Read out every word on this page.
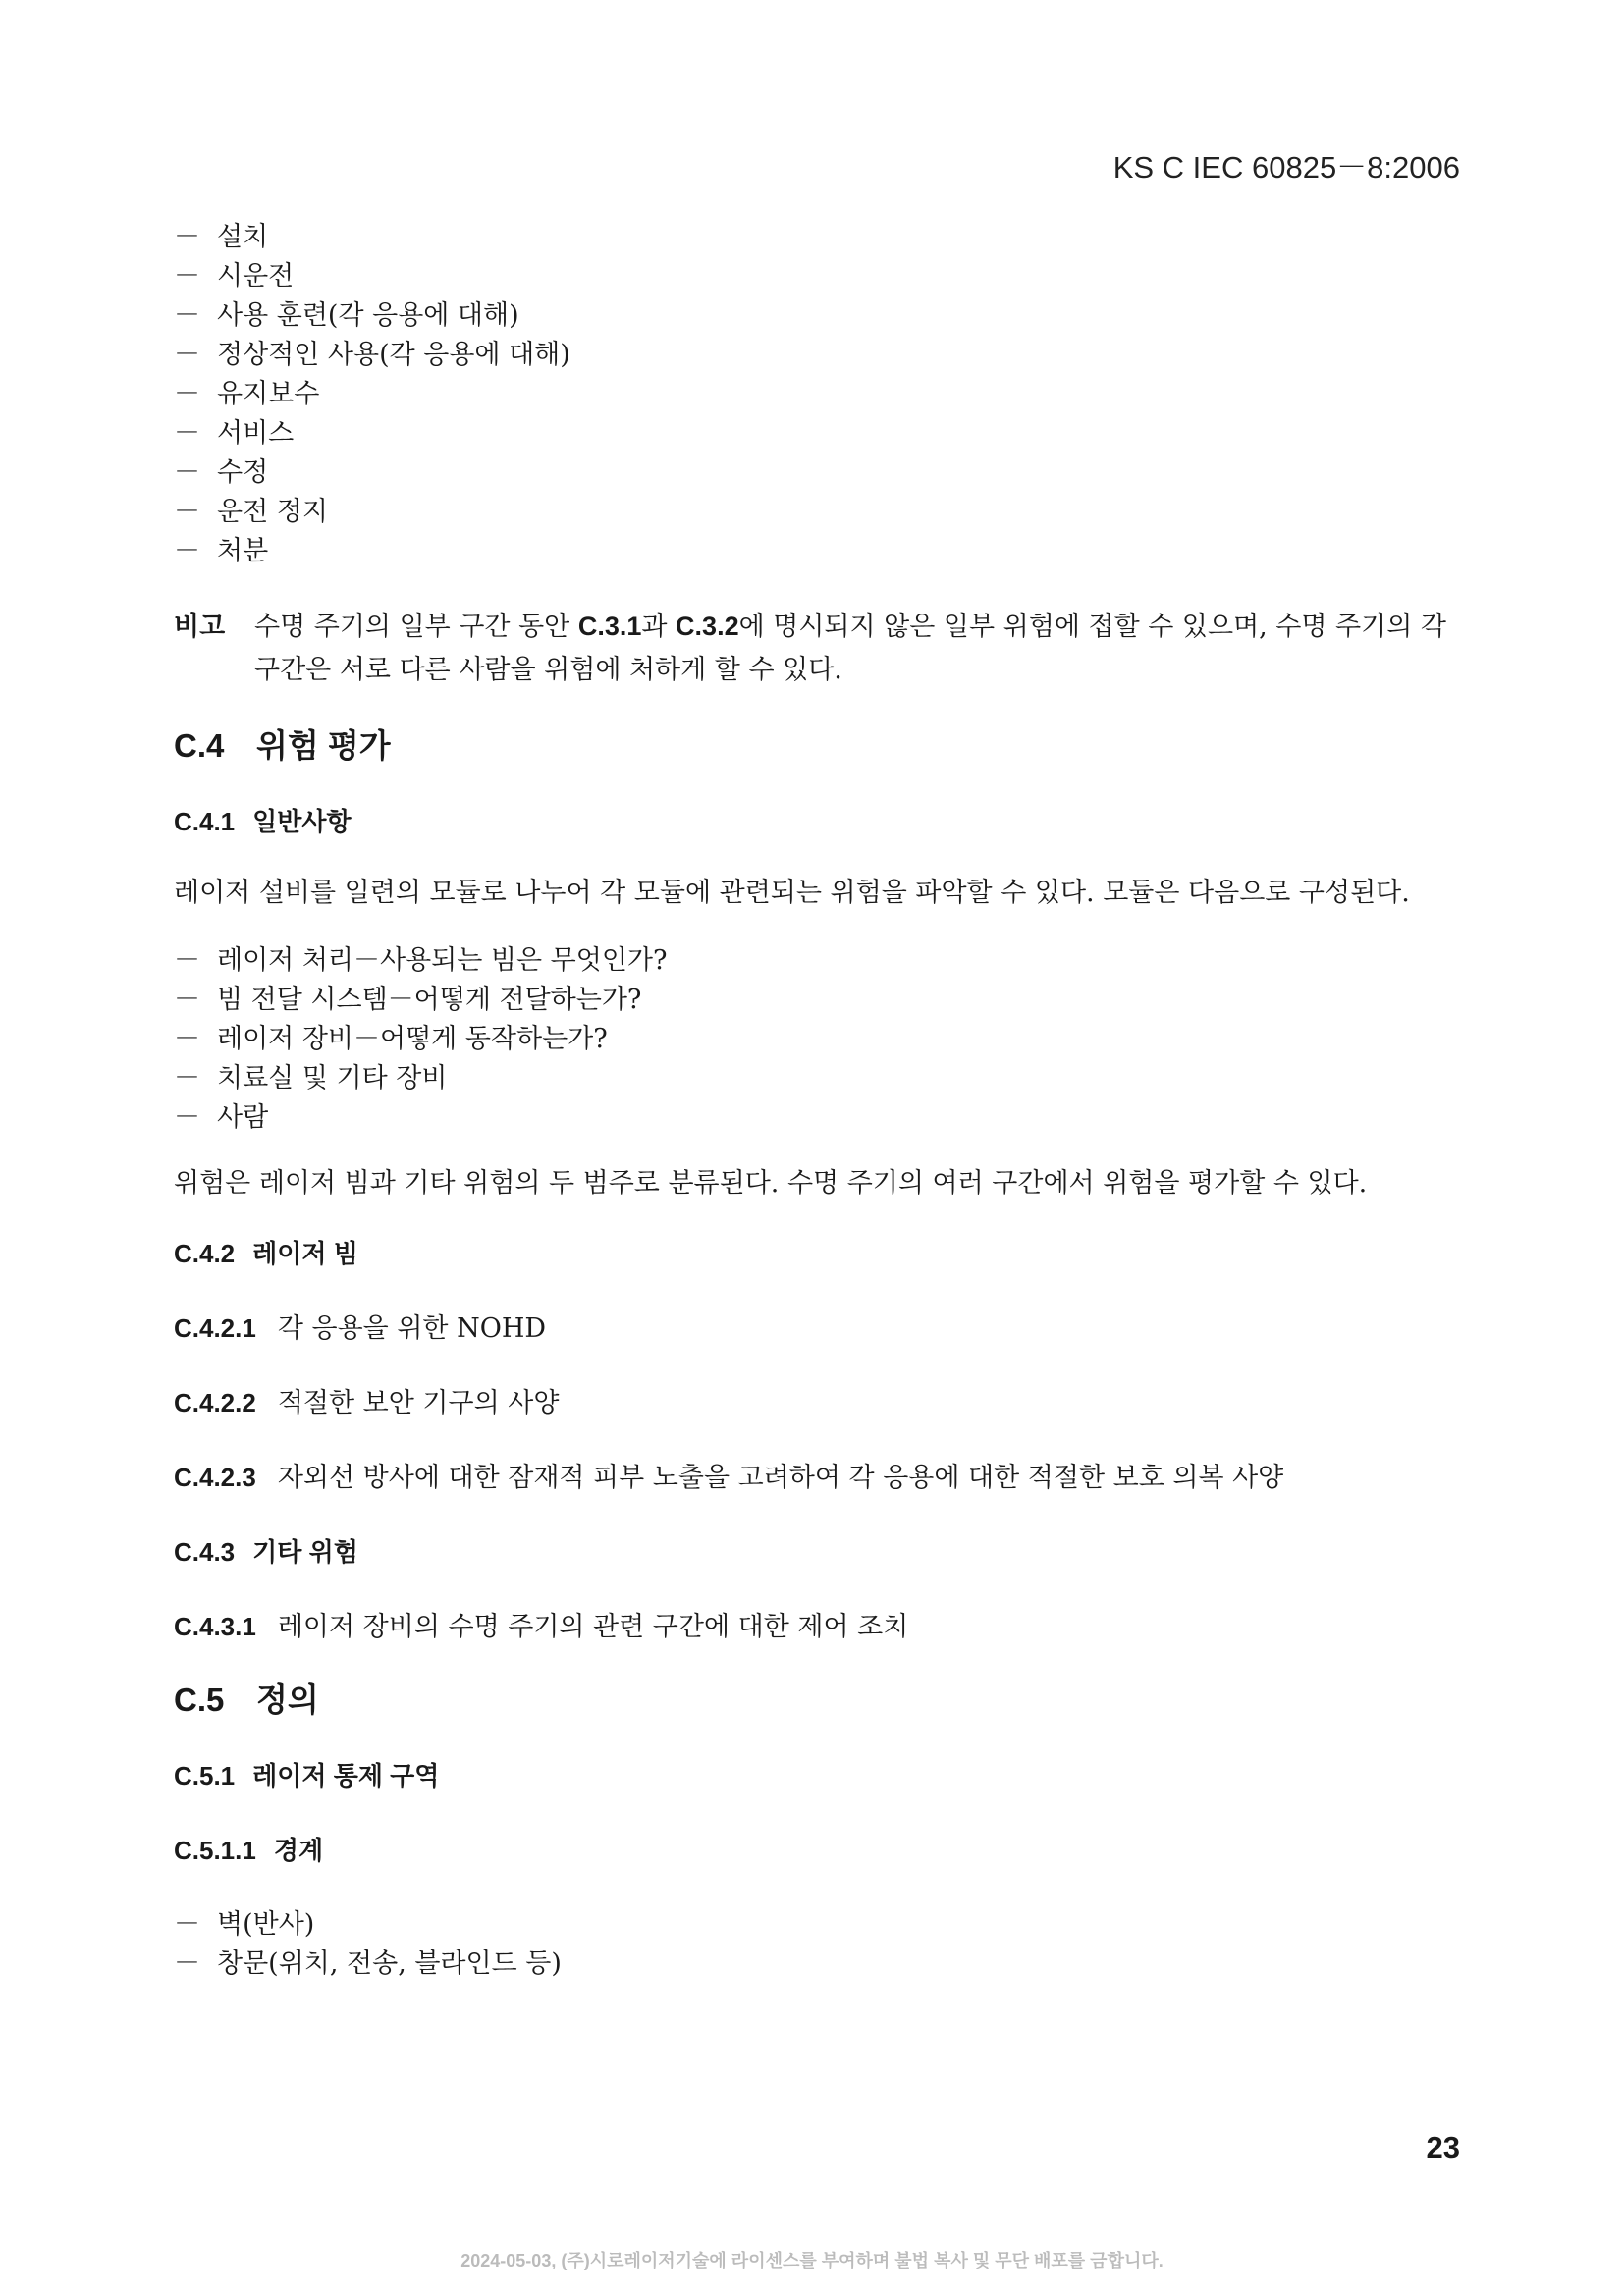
KS C IEC 60825－8:2006
－ 설치
－ 시운전
－ 사용 훈련(각 응용에 대해)
－ 정상적인 사용(각 응용에 대해)
－ 유지보수
－ 서비스
－ 수정
－ 운전 정지
－ 처분
비고 수명 주기의 일부 구간 동안 C.3.1과 C.3.2에 명시되지 않은 일부 위험에 접할 수 있으며, 수명 주기의 각 구간은 서로 다른 사람을 위험에 처하게 할 수 있다.
C.4 위험 평가
C.4.1 일반사항
레이저 설비를 일련의 모듈로 나누어 각 모듈에 관련되는 위험을 파악할 수 있다. 모듈은 다음으로 구성된다.
－ 레이저 처리－사용되는 빔은 무엇인가?
－ 빔 전달 시스템－어떻게 전달하는가?
－ 레이저 장비－어떻게 동작하는가?
－ 치료실 및 기타 장비
－ 사람
위험은 레이저 빔과 기타 위험의 두 범주로 분류된다. 수명 주기의 여러 구간에서 위험을 평가할 수 있다.
C.4.2 레이저 빔
C.4.2.1 각 응용을 위한 NOHD
C.4.2.2 적절한 보안 기구의 사양
C.4.2.3 자외선 방사에 대한 잠재적 피부 노출을 고려하여 각 응용에 대한 적절한 보호 의복 사양
C.4.3 기타 위험
C.4.3.1 레이저 장비의 수명 주기의 관련 구간에 대한 제어 조치
C.5 정의
C.5.1 레이저 통제 구역
C.5.1.1 경계
－ 벽(반사)
－ 창문(위치, 전송, 블라인드 등)
23
2024-05-03, (주)시로레이저기술에 라이센스를 부여하며 불법 복사 및 무단 배포를 금합니다.
